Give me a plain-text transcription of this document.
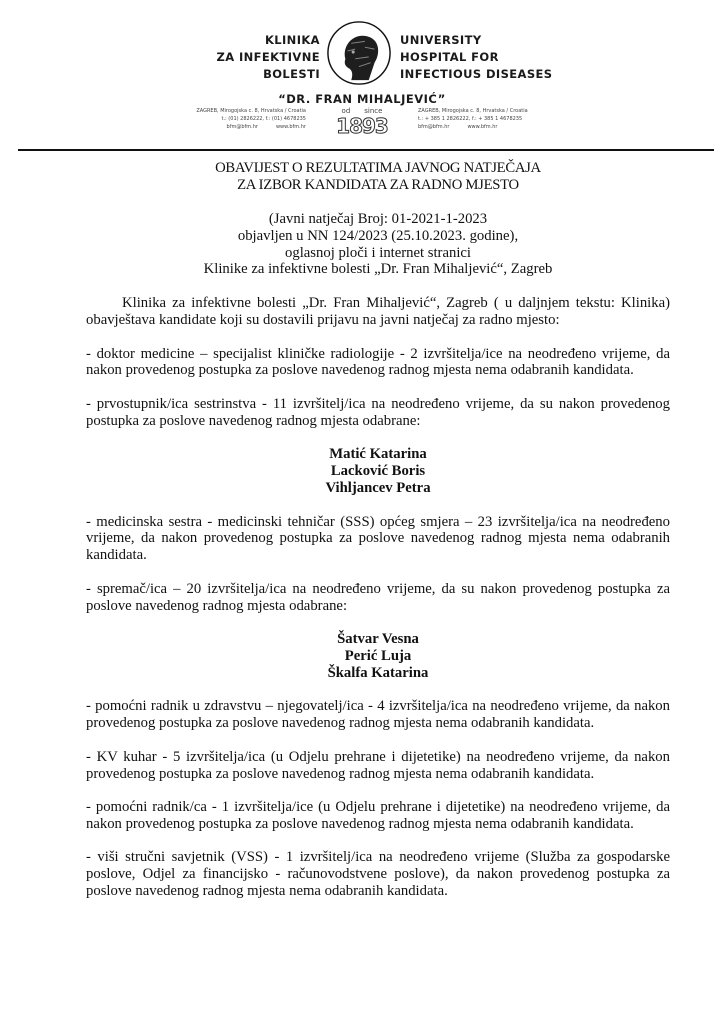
KLINIKA
ZA INFEKTIVNE
BOLESTI
UNIVERSITY
HOSPITAL FOR
INFECTIOUS DISEASES
“DR. FRAN MIHALJEVIĆ”
ZAGREB, Mirogojska c. 8, Hrvatska / Croatia
t.: (01) 2826222, f.: (01) 4678235
bfm@bfm.hr	www.bfm.hr
od since
1893
ZAGREB, Mirogojska c. 8, Hrvatska / Croatia
t.: + 385 1 2826222, f.: + 385 1 4678235
bfm@bfm.hr	www.bfm.hr
OBAVIJEST O REZULTATIMA JAVNOG NATJEČAJA
ZA IZBOR KANDIDATA ZA RADNO MJESTO
(Javni natječaj Broj: 01-2021-1-2023
objavljen u NN 124/2023 (25.10.2023. godine),
oglasnoj ploči i internet stranici
Klinike za infektivne bolesti „Dr. Fran Mihaljević“, Zagreb

Klinika za infektivne bolesti „Dr. Fran Mihaljević“, Zagreb ( u daljnjem tekstu: Klinika) obavještava kandidate koji su dostavili prijavu na javni natječaj za radno mjesto:

- doktor medicine – specijalist kliničke radiologije - 2 izvršitelja/ice na neodređeno vrijeme, da nakon provedenog postupka za poslove navedenog radnog mjesta nema odabranih kandidata.

- prvostupnik/ica sestrinstva - 11 izvršitelj/ica na neodređeno vrijeme, da su nakon provedenog postupka za poslove navedenog radnog mjesta odabrane:

Matić Katarina
Lacković Boris
Vihljancev Petra

- medicinska sestra - medicinski tehničar (SSS) općeg smjera – 23 izvršitelja/ica na neodređeno vrijeme, da nakon provedenog postupka za poslove navedenog radnog mjesta nema odabranih kandidata.

- spremač/ica – 20 izvršitelja/ica na neodređeno vrijeme, da su nakon provedenog postupka za poslove navedenog radnog mjesta odabrane:

Šatvar Vesna
Perić Luja
Škalfa Katarina

- pomoćni radnik u zdravstvu – njegovatelj/ica - 4 izvršitelja/ica na neodređeno vrijeme, da nakon provedenog postupka za poslove navedenog radnog mjesta nema odabranih kandidata.

- KV kuhar - 5 izvršitelja/ica (u Odjelu prehrane i dijetetike) na neodređeno vrijeme, da nakon provedenog postupka za poslove navedenog radnog mjesta nema odabranih kandidata.

- pomoćni radnik/ca - 1 izvršitelja/ice (u Odjelu prehrane i dijetetike) na neodređeno vrijeme, da nakon provedenog postupka za poslove navedenog radnog mjesta nema odabranih kandidata.

- viši stručni savjetnik (VSS) - 1 izvršitelj/ica na neodređeno vrijeme (Služba za gospodarske poslove, Odjel za financijsko - računovodstvene poslove), da nakon provedenog postupka za poslove navedenog radnog mjesta nema odabranih kandidata.
